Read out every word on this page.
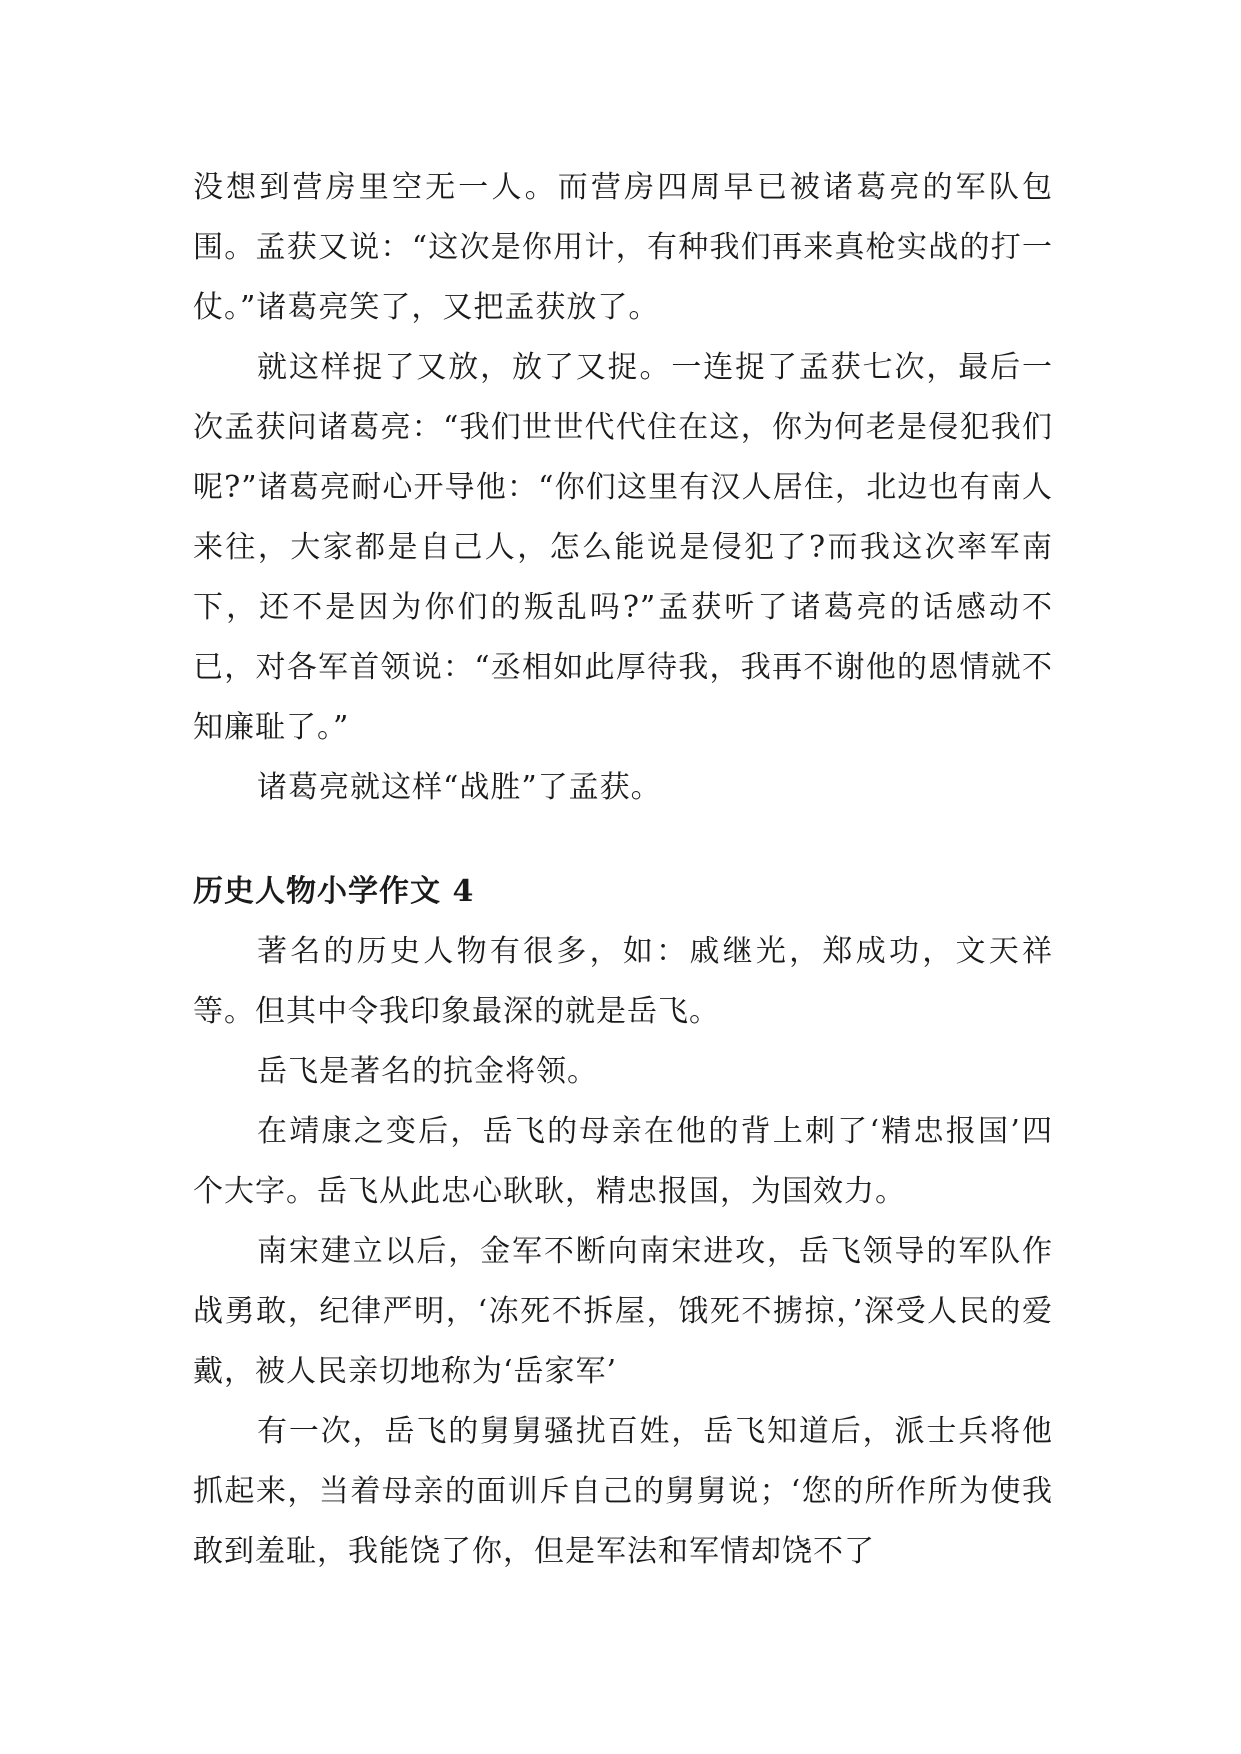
没想到营房里空无一人。而营房四周早已被诸葛亮的军队包围。孟获又说：“这次是你用计，有种我们再来真枪实战的打一仗。”诸葛亮笑了，又把孟获放了。

就这样捉了又放，放了又捉。一连捉了孟获七次，最后一次孟获问诸葛亮：“我们世世代代住在这，你为何老是侵犯我们呢?”诸葛亮耐心开导他：“你们这里有汉人居住，北边也有南人来往，大家都是自己人，怎么能说是侵犯了?而我这次率军南下，还不是因为你们的叛乱吗?”孟获听了诸葛亮的话感动不已，对各军首领说：“丞相如此厚待我，我再不谢他的恩情就不知廉耻了。”

诸葛亮就这样“战胜”了孟获。

历史人物小学作文 4

著名的历史人物有很多，如：戚继光，郑成功，文天祥等。但其中令我印象最深的就是岳飞。

岳飞是著名的抗金将领。

在靖康之变后，岳飞的母亲在他的背上刺了‘精忠报国’四个大字。岳飞从此忠心耿耿，精忠报国，为国效力。

南宋建立以后，金军不断向南宋进攻，岳飞领导的军队作战勇敢，纪律严明，‘冻死不拆屋，饿死不掳掠，’深受人民的爱戴，被人民亲切地称为‘岳家军’

有一次，岳飞的舅舅骚扰百姓，岳飞知道后，派士兵将他抓起来，当着母亲的面训斥自己的舅舅说；‘您的所作所为使我敢到羞耻，我能饶了你，但是军法和军情却饶不了
